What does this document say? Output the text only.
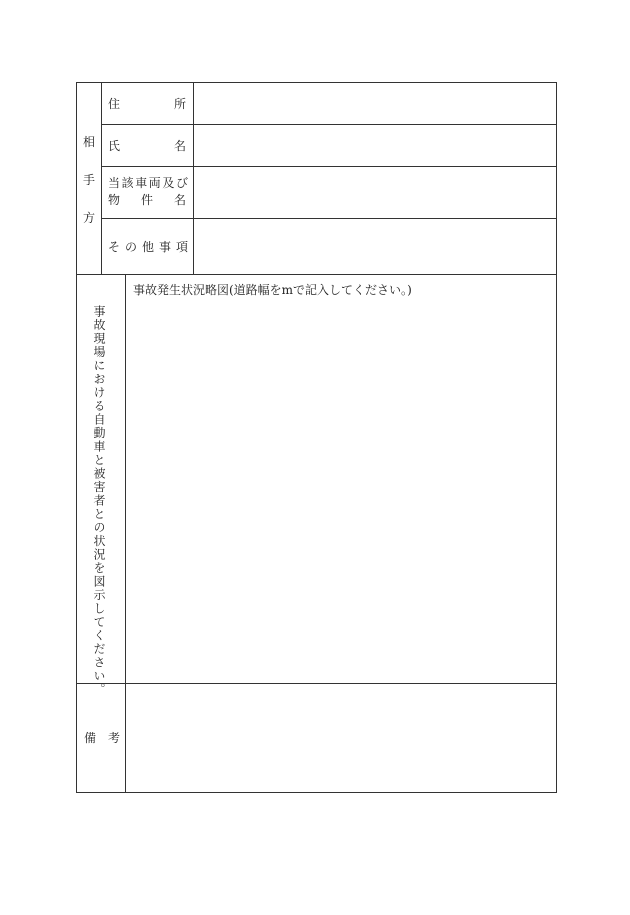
相
手
方
住	所
氏	名
当 該 車 両 及 び
物 件 名
そ の 他 事 項
事故現場における自動車と被害者との状況を図示してください。
事故発生状況略図(道路幅をmで記入してください。)
備 考
